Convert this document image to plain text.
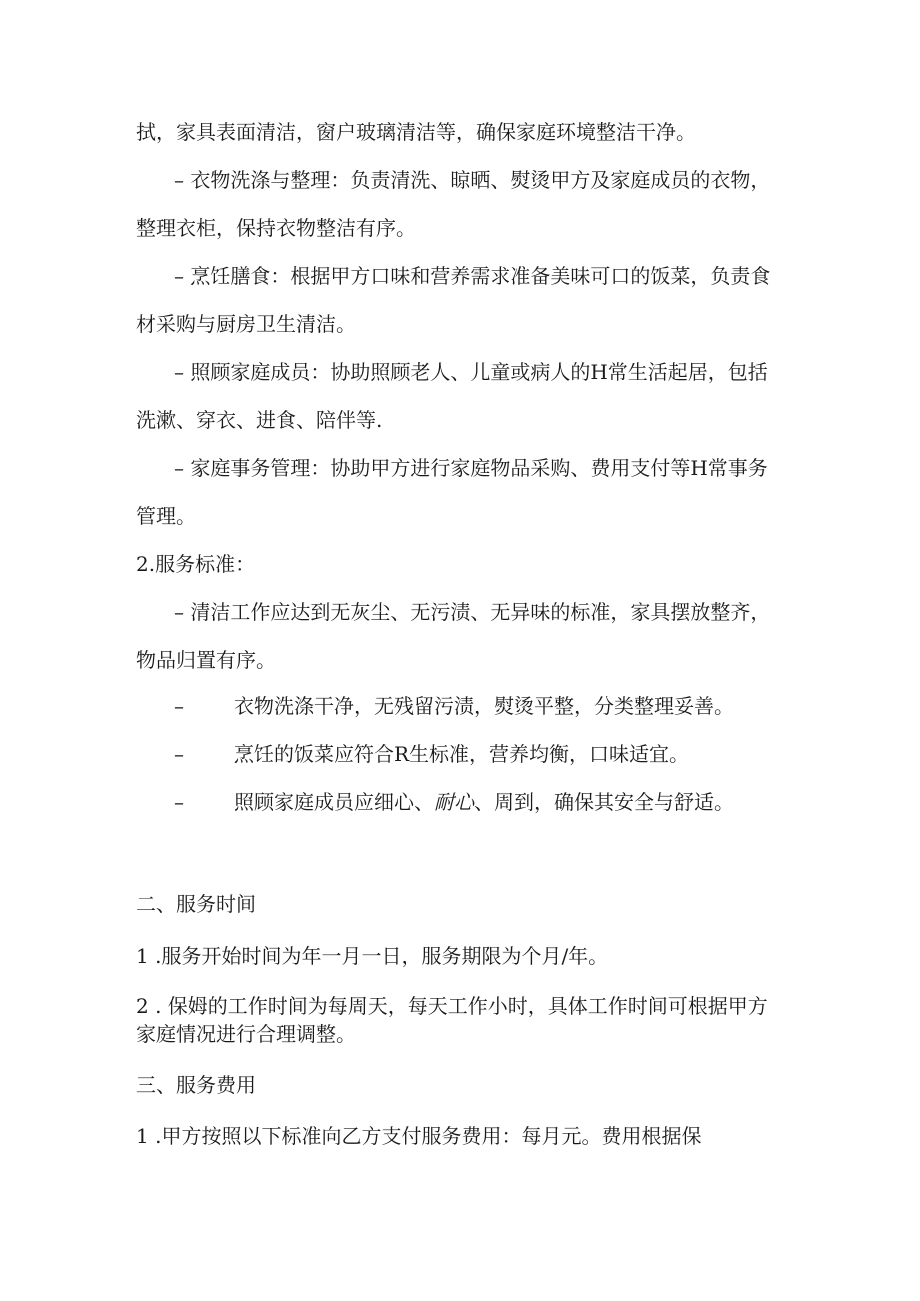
拭，家具表面清洁，窗户玻璃清洁等，确保家庭环境整洁干净。

– 衣物洗涤与整理：负责清洗、晾晒、熨烫甲方及家庭成员的衣物，

整理衣柜，保持衣物整洁有序。

– 烹饪膳食：根据甲方口味和营养需求准备美味可口的饭菜，负责食

材采购与厨房卫生清洁。

– 照顾家庭成员：协助照顾老人、儿童或病人的H常生活起居，包括

洗漱、穿衣、进食、陪伴等.

– 家庭事务管理：协助甲方进行家庭物品采购、费用支付等H常事务

管理。

2.服务标准：

– 清洁工作应达到无灰尘、无污渍、无异味的标准，家具摆放整齐，

物品归置有序。

–	衣物洗涤干净，无残留污渍，熨烫平整，分类整理妥善。

–	烹饪的饭菜应符合R生标准，营养均衡，口味适宜。

–	照顾家庭成员应细心、耐心、周到，确保其安全与舒适。

二、服务时间

1 .服务开始时间为年一月一日，服务期限为个月/年。

2 . 保姆的工作时间为每周天，每天工作小时，具体工作时间可根据甲方

家庭情况进行合理调整。

三、服务费用

1 .甲方按照以下标准向乙方支付服务费用：每月元。费用根据保
